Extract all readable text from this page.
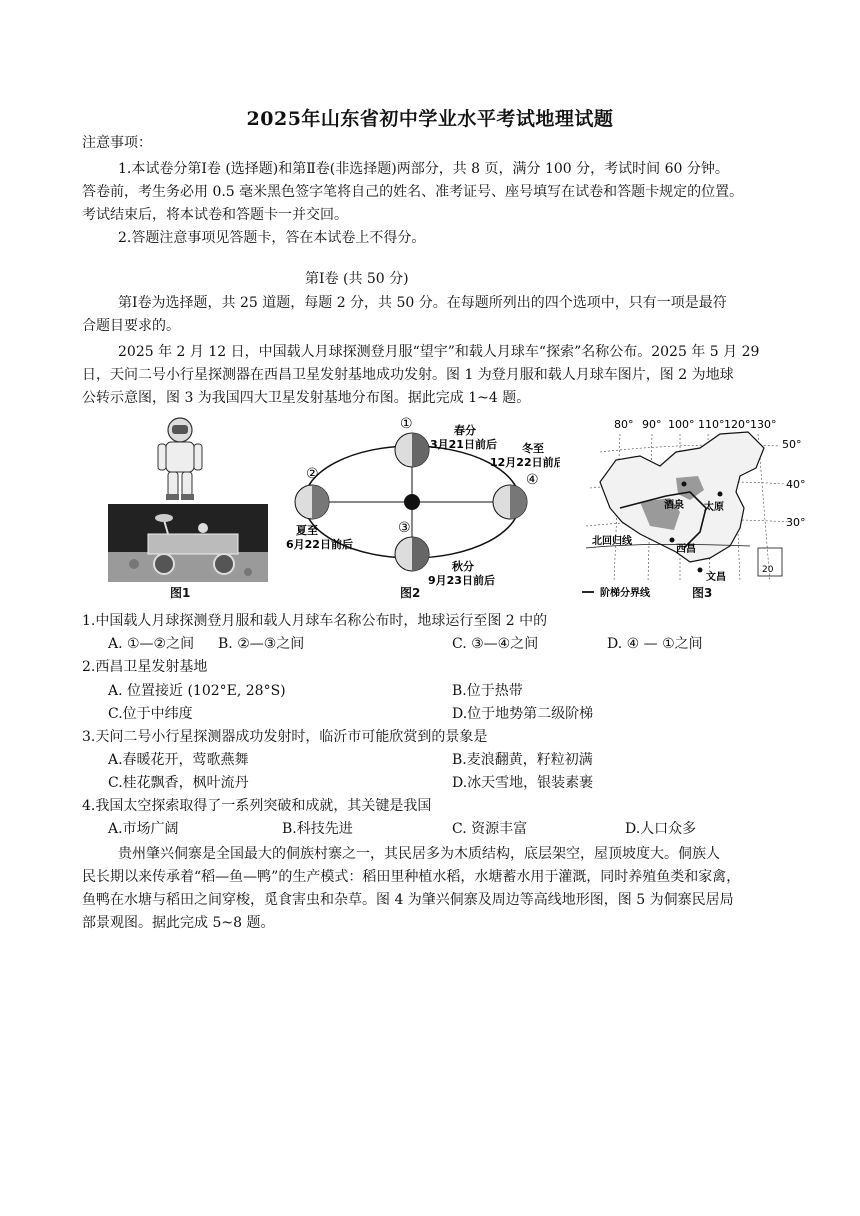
2025年山东省初中学业水平考试地理试题
注意事项：
1.本试卷分第Ⅰ卷 (选择题)和第Ⅱ卷(非选择题)两部分，共 8 页，满分 100 分，考试时间 60 分钟。
答卷前，考生务必用 0.5 毫米黑色签字笔将自己的姓名、准考证号、座号填写在试卷和答题卡规定的位置。
考试结束后，将本试卷和答题卡一并交回。
2.答题注意事项见答题卡，答在本试卷上不得分。
第Ⅰ卷 (共 50 分)
第Ⅰ卷为选择题，共 25 道题，每题 2 分，共 50 分。在每题所列出的四个选项中，只有一项是最符
合题目要求的。
2025 年 2 月 12 日，中国载人月球探测登月服“望宇”和载人月球车“探索”名称公布。2025 年 5 月 29
日，天问二号小行星探测器在西昌卫星发射基地成功发射。图 1 为登月服和载人月球车图片，图 2 为地球
公转示意图，图 3 为我国四大卫星发射基地分布图。据此完成 1~4 题。
图1
①
②
③
④
春分
3月21日前后 冬至
12月22日前后
夏至
6月22日前后
秋分
9月23日前后
图2
80° 90° 100° 110° 120° 130°
50°
40°
30°
北回归线
酒泉 太原
西昌
文昌
20
阶梯分界线	图3
1.中国载人月球探测登月服和载人月球车名称公布时，地球运行至图 2 中的
A. ①—②之间 B. ②—③之间	C. ③—④之间	D. ④ — ①之间
2.西昌卫星发射基地
A. 位置接近 (102°E, 28°S)	B.位于热带
C.位于中纬度	D.位于地势第二级阶梯
3.天问二号小行星探测器成功发射时，临沂市可能欣赏到的景象是
A.春暖花开，莺歌燕舞	B.麦浪翻黄，籽粒初满
C.桂花飘香，枫叶流丹	D.冰天雪地，银装素裹
4.我国太空探索取得了一系列突破和成就，其关键是我国
A.市场广阔	B.科技先进	C. 资源丰富	D.人口众多
贵州肇兴侗寨是全国最大的侗族村寨之一，其民居多为木质结构，底层架空，屋顶坡度大。侗族人
民长期以来传承着“稻—鱼—鸭”的生产模式：稻田里种植水稻，水塘蓄水用于灌溉，同时养殖鱼类和家禽，
鱼鸭在水塘与稻田之间穿梭，觅食害虫和杂草。图 4 为肇兴侗寨及周边等高线地形图，图 5 为侗寨民居局
部景观图。据此完成 5~8 题。
